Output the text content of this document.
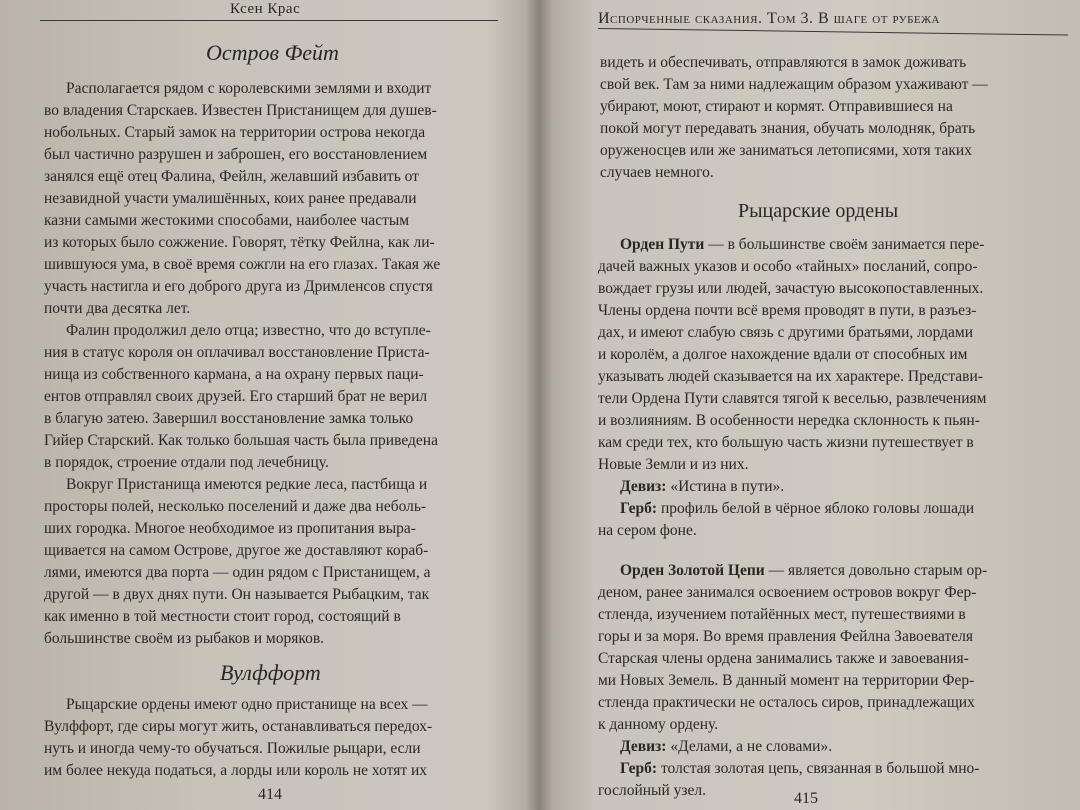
Ксен Крас
Остров Фейт
Располагается рядом с королевскими землями и входит
во владения Старскаев. Известен Пристанищем для душев-
нобольных. Старый замок на территории острова некогда
был частично разрушен и заброшен, его восстановлением
занялся ещё отец Фалина, Фейлн, желавший избавить от
незавидной участи умалишённых, коих ранее предавали
казни самыми жестокими способами, наиболее частым
из которых было сожжение. Говорят, тётку Фейлна, как ли-
шившуюся ума, в своё время сожгли на его глазах. Такая же
участь настигла и его доброго друга из Дримленсов спустя
почти два десятка лет.
Фалин продолжил дело отца; известно, что до вступле-
ния в статус короля он оплачивал восстановление Приста-
нища из собственного кармана, а на охрану первых паци-
ентов отправлял своих друзей. Его старший брат не верил
в благую затею. Завершил восстановление замка только
Гийер Старский. Как только большая часть была приведена
в порядок, строение отдали под лечебницу.
Вокруг Пристанища имеются редкие леса, пастбища и
просторы полей, несколько поселений и даже два неболь-
ших городка. Многое необходимое из пропитания выра-
щивается на самом Острове, другое же доставляют кораб-
лями, имеются два порта — один рядом с Пристанищем, а
другой — в двух днях пути. Он называется Рыбацким, так
как именно в той местности стоит город, состоящий в
большинстве своём из рыбаков и моряков.
Вулффорт
Рыцарские ордены имеют одно пристанище на всех —
Вулффорт, где сиры могут жить, останавливаться передох-
нуть и иногда чему-то обучаться. Пожилые рыцари, если
им более некуда податься, а лорды или король не хотят их
414
Испорченные сказания. Том 3. В шаге от рубежа
видеть и обеспечивать, отправляются в замок доживать
свой век. Там за ними надлежащим образом ухаживают —
убирают, моют, стирают и кормят. Отправившиеся на
покой могут передавать знания, обучать молодняк, брать
оруженосцев или же заниматься летописями, хотя таких
случаев немного.
Рыцарские ордены
Орден Пути — в большинстве своём занимается пере-
дачей важных указов и особо «тайных» посланий, сопро-
вождает грузы или людей, зачастую высокопоставленных.
Члены ордена почти всё время проводят в пути, в разъез-
дах, и имеют слабую связь с другими братьями, лордами
и королём, а долгое нахождение вдали от способных им
указывать людей сказывается на их характере. Представи-
тели Ордена Пути славятся тягой к веселью, развлечениям
и возлияниям. В особенности нередка склонность к пьян-
кам среди тех, кто большую часть жизни путешествует в
Новые Земли и из них.
Девиз: «Истина в пути».
Герб: профиль белой в чёрное яблоко головы лошади
на сером фоне.
Орден Золотой Цепи — является довольно старым ор-
деном, ранее занимался освоением островов вокруг Фер-
стленда, изучением потайённых мест, путешествиями в
горы и за моря. Во время правления Фейлна Завоевателя
Старская члены ордена занимались также и завоевания-
ми Новых Земель. В данный момент на территории Фер-
стленда практически не осталось сиров, принадлежащих
к данному ордену.
Девиз: «Делами, а не словами».
Герб: толстая золотая цепь, связанная в большой мно-
гослойный узел.	415
